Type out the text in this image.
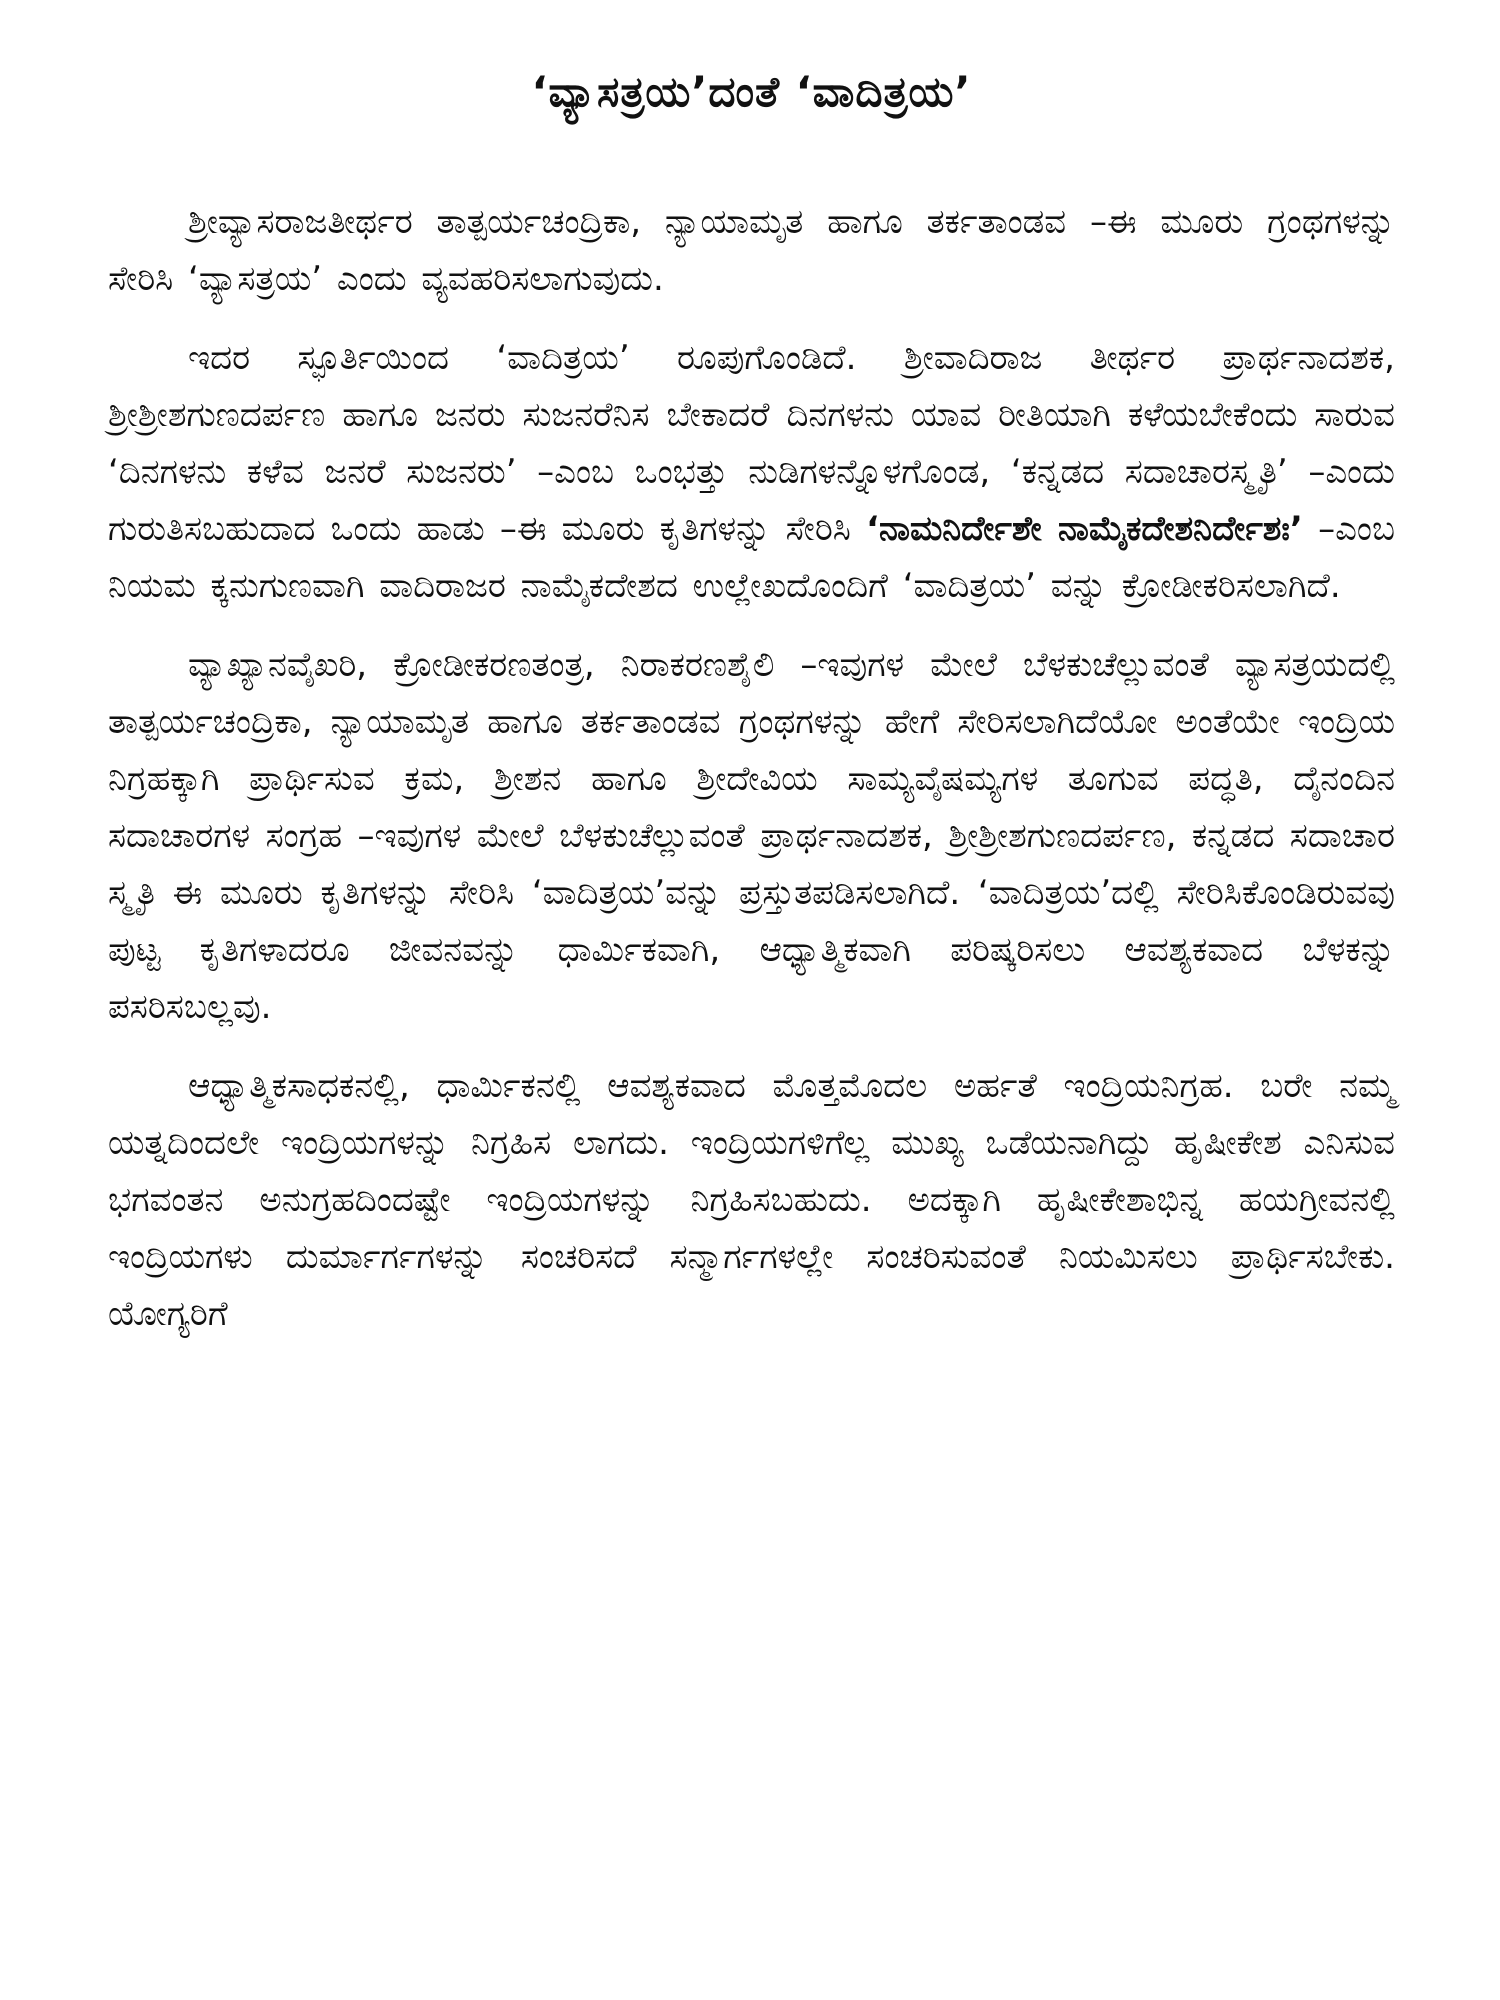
‘ವ್ಯಾಸತ್ರಯ’ದಂತೆ ‘ವಾದಿತ್ರಯ’

ಶ್ರೀವ್ಯಾಸರಾಜತೀರ್ಥರ ತಾತ್ಪರ್ಯಚಂದ್ರಿಕಾ, ನ್ಯಾಯಾಮೃತ ಹಾಗೂ ತರ್ಕತಾಂಡವ –ಈ ಮೂರು ಗ್ರಂಥಗಳನ್ನು ಸೇರಿಸಿ ‘ವ್ಯಾಸತ್ರಯ’ ಎಂದು ವ್ಯವಹರಿಸಲಾಗುವುದು.

ಇದರ ಸ್ಫೂರ್ತಿಯಿಂದ ‘ವಾದಿತ್ರಯ’ ರೂಪುಗೊಂಡಿದೆ. ಶ್ರೀವಾದಿರಾಜ ತೀರ್ಥರ ಪ್ರಾರ್ಥನಾದಶಕ, ಶ್ರೀಶ್ರೀಶಗುಣದರ್ಪಣ ಹಾಗೂ ಜನರು ಸುಜನರೆನಿಸ ಬೇಕಾದರೆ ದಿನಗಳನು ಯಾವ ರೀತಿಯಾಗಿ ಕಳೆಯಬೇಕೆಂದು ಸಾರುವ ‘ದಿನಗಳನು ಕಳೆವ ಜನರೆ ಸುಜನರು’ –ಎಂಬ ಒಂಭತ್ತು ನುಡಿಗಳನ್ನೊಳಗೊಂಡ, ‘ಕನ್ನಡದ ಸದಾಚಾರಸ್ಮೃತಿ’ –ಎಂದು ಗುರುತಿಸಬಹುದಾದ ಒಂದು ಹಾಡು –ಈ ಮೂರು ಕೃತಿಗಳನ್ನು ಸೇರಿಸಿ ‘ನಾಮನಿರ್ದೇಶೇ ನಾಮೈಕದೇಶನಿರ್ದೇಶಃ’ –ಎಂಬ ನಿಯಮ ಕ್ಕನುಗುಣವಾಗಿ ವಾದಿರಾಜರ ನಾಮೈಕದೇಶದ ಉಲ್ಲೇಖದೊಂದಿಗೆ ‘ವಾದಿತ್ರಯ’ ವನ್ನು ಕ್ರೋಡೀಕರಿಸಲಾಗಿದೆ.

ವ್ಯಾಖ್ಯಾನವೈಖರಿ, ಕ್ರೋಡೀಕರಣತಂತ್ರ, ನಿರಾಕರಣಶೈಲಿ –ಇವುಗಳ ಮೇಲೆ ಬೆಳಕುಚೆಲ್ಲುವಂತೆ ವ್ಯಾಸತ್ರಯದಲ್ಲಿ ತಾತ್ಪರ್ಯಚಂದ್ರಿಕಾ, ನ್ಯಾಯಾಮೃತ ಹಾಗೂ ತರ್ಕತಾಂಡವ ಗ್ರಂಥಗಳನ್ನು ಹೇಗೆ ಸೇರಿಸಲಾಗಿದೆಯೋ ಅಂತೆಯೇ ಇಂದ್ರಿಯ ನಿಗ್ರಹಕ್ಕಾಗಿ ಪ್ರಾರ್ಥಿಸುವ ಕ್ರಮ, ಶ್ರೀಶನ ಹಾಗೂ ಶ್ರೀದೇವಿಯ ಸಾಮ್ಯವೈಷಮ್ಯಗಳ ತೂಗುವ ಪದ್ಧತಿ, ದೈನಂದಿನ ಸದಾಚಾರಗಳ ಸಂಗ್ರಹ –ಇವುಗಳ ಮೇಲೆ ಬೆಳಕುಚೆಲ್ಲುವಂತೆ ಪ್ರಾರ್ಥನಾದಶಕ, ಶ್ರೀಶ್ರೀಶಗುಣದರ್ಪಣ, ಕನ್ನಡದ ಸದಾಚಾರ ಸ್ಮೃತಿ ಈ ಮೂರು ಕೃತಿಗಳನ್ನು ಸೇರಿಸಿ ‘ವಾದಿತ್ರಯ’ವನ್ನು ಪ್ರಸ್ತುತಪಡಿಸಲಾಗಿದೆ. ‘ವಾದಿತ್ರಯ’ದಲ್ಲಿ ಸೇರಿಸಿಕೊಂಡಿರುವವು ಪುಟ್ಟ ಕೃತಿಗಳಾದರೂ ಜೀವನವನ್ನು ಧಾರ್ಮಿಕವಾಗಿ, ಆಧ್ಯಾತ್ಮಿಕವಾಗಿ ಪರಿಷ್ಕರಿಸಲು ಆವಶ್ಯಕವಾದ ಬೆಳಕನ್ನು ಪಸರಿಸಬಲ್ಲವು.

ಆಧ್ಯಾತ್ಮಿಕಸಾಧಕನಲ್ಲಿ, ಧಾರ್ಮಿಕನಲ್ಲಿ ಆವಶ್ಯಕವಾದ ಮೊತ್ತಮೊದಲ ಅರ್ಹತೆ ಇಂದ್ರಿಯನಿಗ್ರಹ. ಬರೇ ನಮ್ಮ ಯತ್ನದಿಂದಲೇ ಇಂದ್ರಿಯಗಳನ್ನು ನಿಗ್ರಹಿಸ ಲಾಗದು. ಇಂದ್ರಿಯಗಳಿಗೆಲ್ಲ ಮುಖ್ಯ ಒಡೆಯನಾಗಿದ್ದು ಹೃಷೀಕೇಶ ಎನಿಸುವ ಭಗವಂತನ ಅನುಗ್ರಹದಿಂದಷ್ಟೇ ಇಂದ್ರಿಯಗಳನ್ನು ನಿಗ್ರಹಿಸಬಹುದು. ಅದಕ್ಕಾಗಿ ಹೃಷೀಕೇಶಾಭಿನ್ನ ಹಯಗ್ರೀವನಲ್ಲಿ ಇಂದ್ರಿಯಗಳು ದುರ್ಮಾರ್ಗಗಳನ್ನು ಸಂಚರಿಸದೆ ಸನ್ಮಾರ್ಗಗಳಲ್ಲೇ ಸಂಚರಿಸುವಂತೆ ನಿಯಮಿಸಲು ಪ್ರಾರ್ಥಿಸಬೇಕು. ಯೋಗ್ಯರಿಗೆ
